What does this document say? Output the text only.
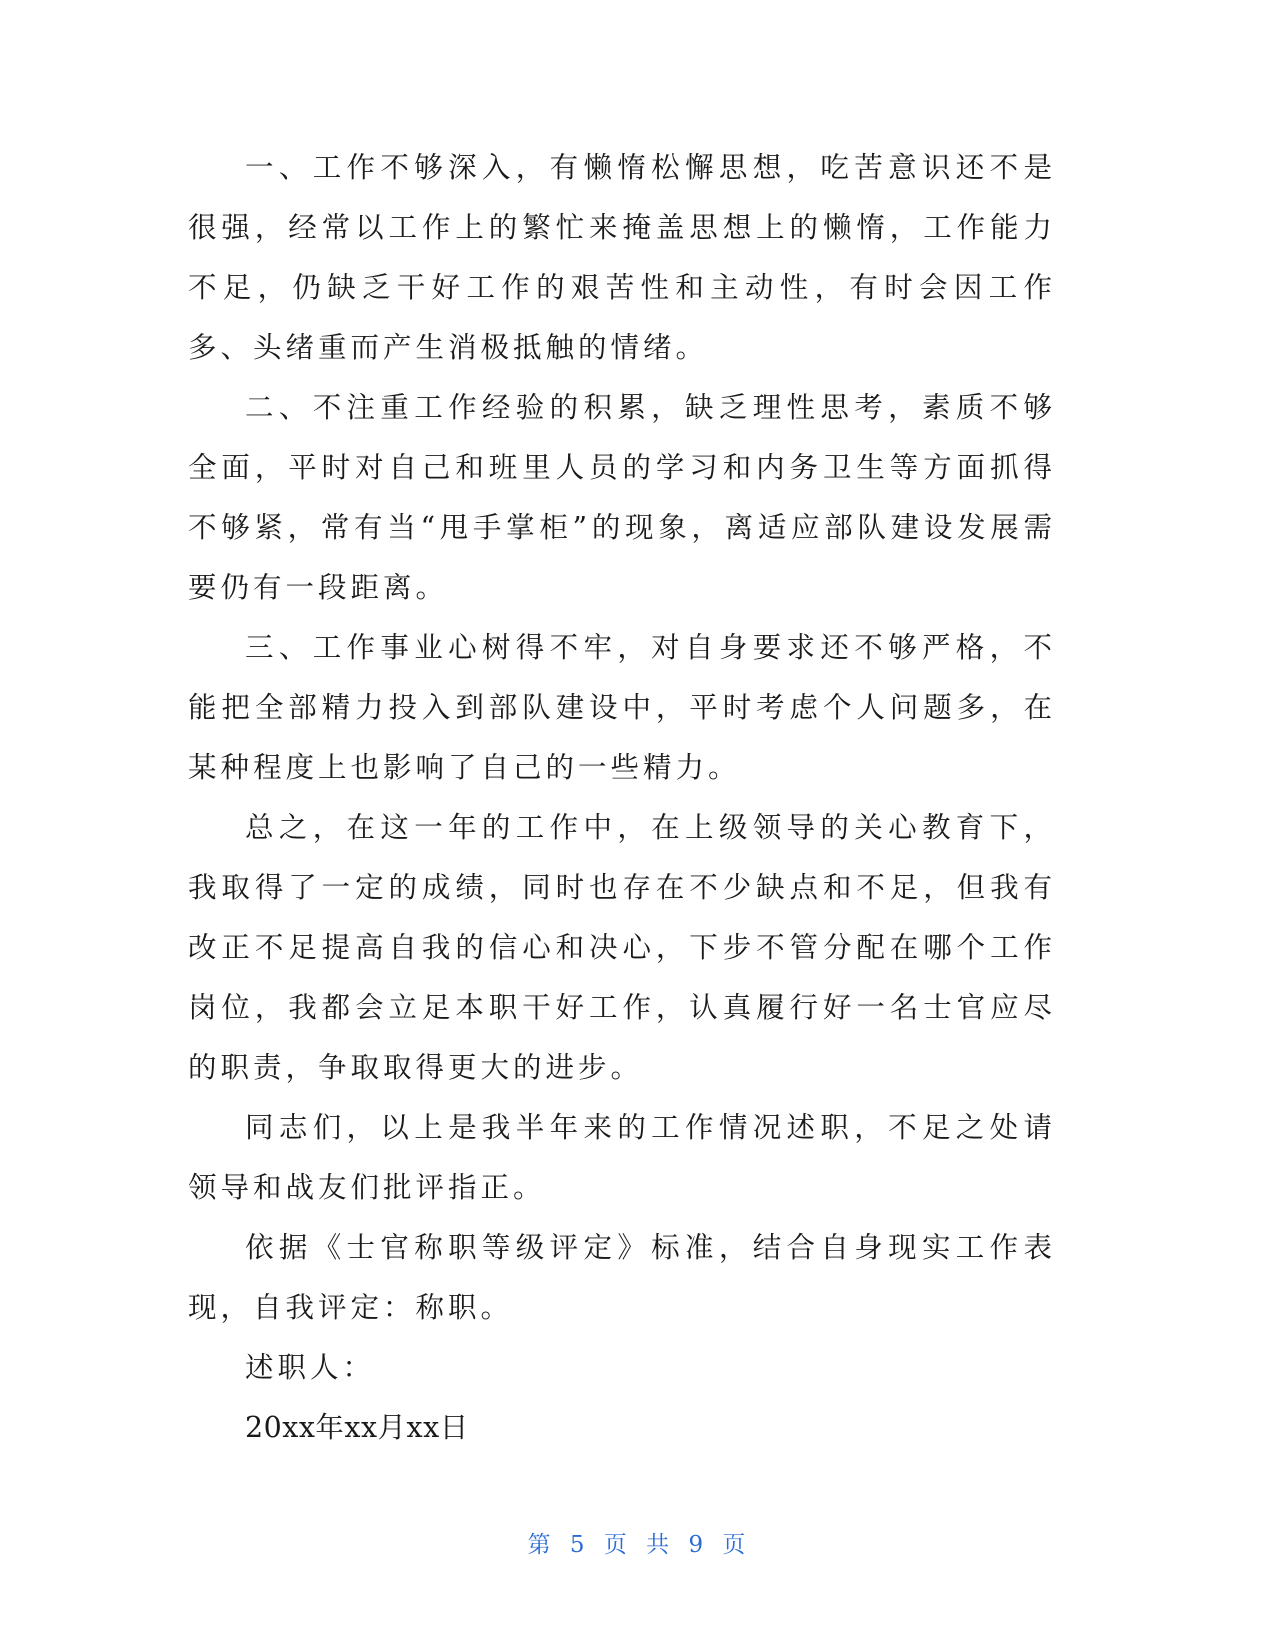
一、工作不够深入，有懒惰松懈思想，吃苦意识还不是很强，经常以工作上的繁忙来掩盖思想上的懒惰，工作能力不足，仍缺乏干好工作的艰苦性和主动性，有时会因工作多、头绪重而产生消极抵触的情绪。

二、不注重工作经验的积累，缺乏理性思考，素质不够全面，平时对自己和班里人员的学习和内务卫生等方面抓得不够紧，常有当“甩手掌柜”的现象，离适应部队建设发展需要仍有一段距离。

三、工作事业心树得不牢，对自身要求还不够严格，不能把全部精力投入到部队建设中，平时考虑个人问题多，在某种程度上也影响了自己的一些精力。

总之，在这一年的工作中，在上级领导的关心教育下，我取得了一定的成绩，同时也存在不少缺点和不足，但我有改正不足提高自我的信心和决心，下步不管分配在哪个工作岗位，我都会立足本职干好工作，认真履行好一名士官应尽的职责，争取取得更大的进步。

同志们，以上是我半年来的工作情况述职，不足之处请领导和战友们批评指正。

依据《士官称职等级评定》标准，结合自身现实工作表现，自我评定：称职。

述职人：

20xx年xx月xx日

第 5 页 共 9 页
